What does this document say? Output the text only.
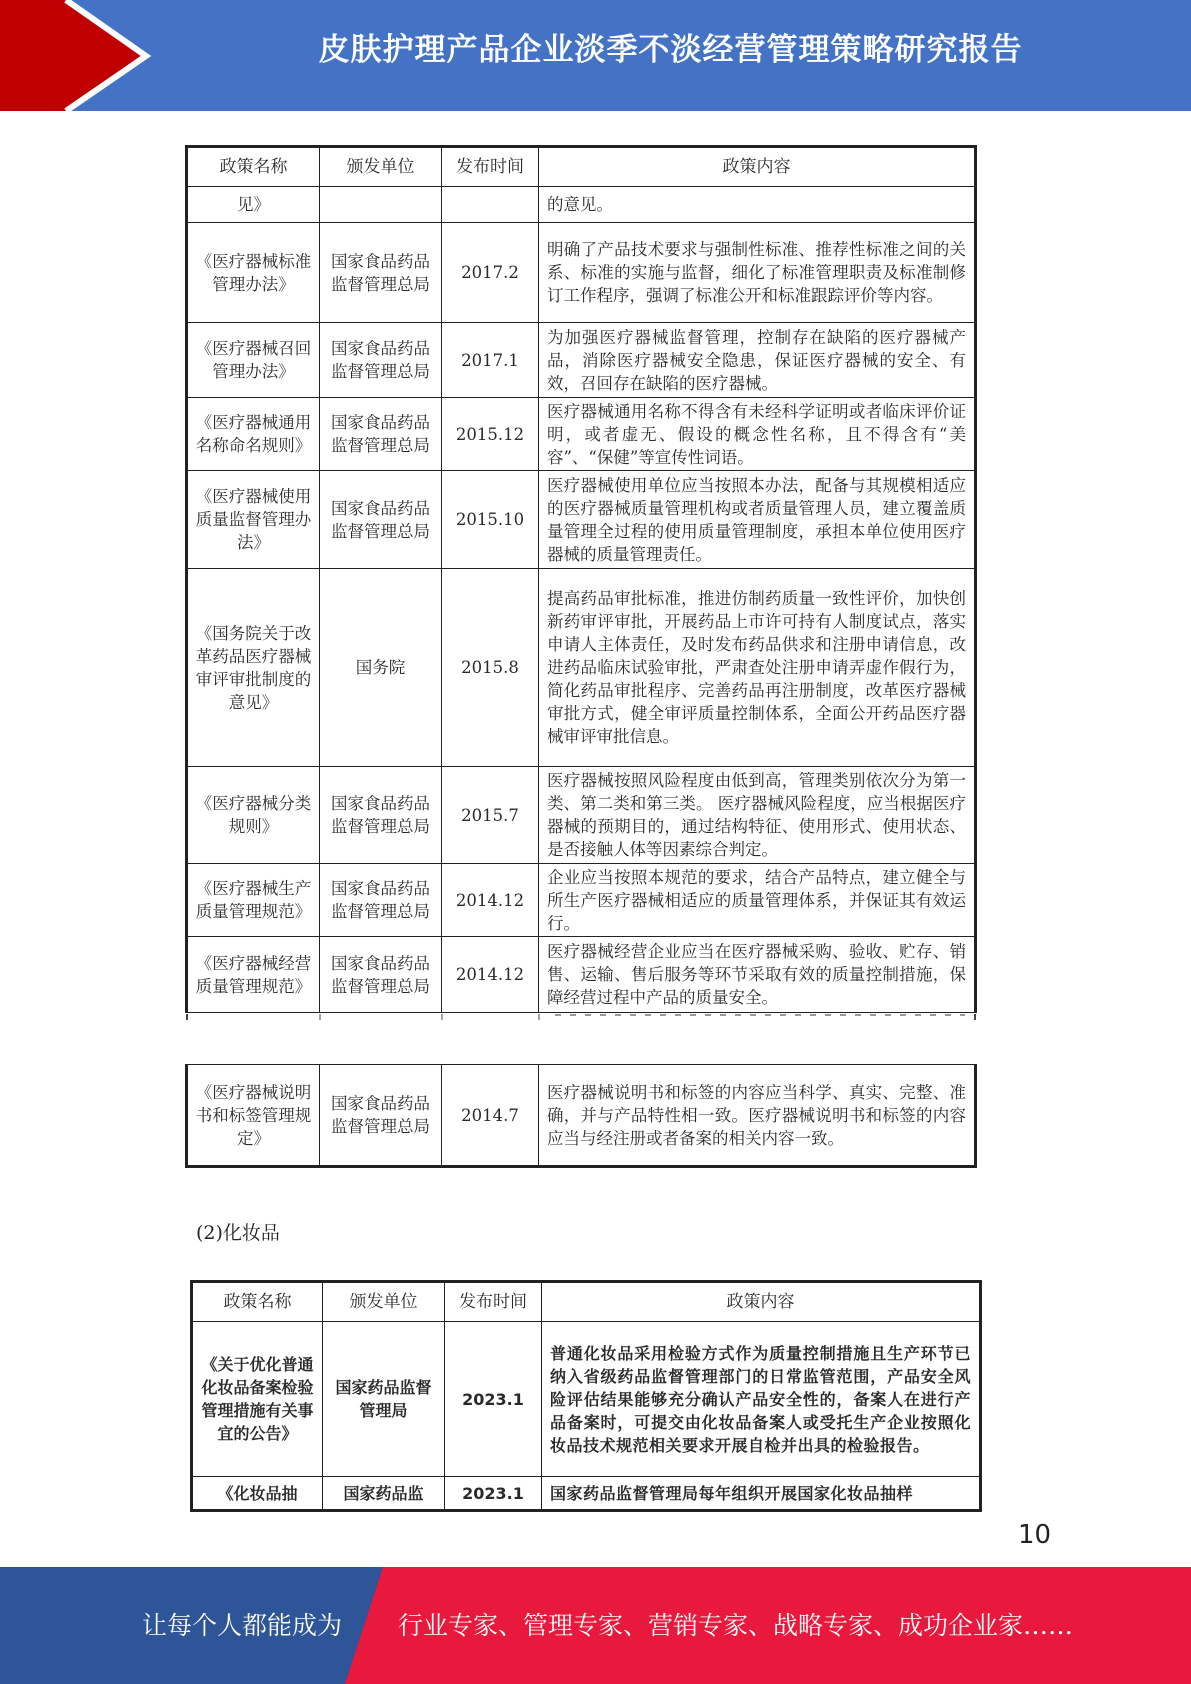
皮肤护理产品企业淡季不淡经营管理策略研究报告
政策名称	颁发单位	发布时间	政策内容
见》			的意见。
《医疗器械标准管理办法》	国家食品药品监督管理总局	2017.2	明确了产品技术要求与强制性标准、推荐性标准之间的关系、标准的实施与监督，细化了标准管理职责及标准制修订工作程序，强调了标准公开和标准跟踪评价等内容。
《医疗器械召回管理办法》	国家食品药品监督管理总局	2017.1	为加强医疗器械监督管理，控制存在缺陷的医疗器械产品，消除医疗器械安全隐患，保证医疗器械的安全、有效，召回存在缺陷的医疗器械。
《医疗器械通用名称命名规则》	国家食品药品监督管理总局	2015.12	医疗器械通用名称不得含有未经科学证明或者临床评价证明，或者虚无、假设的概念性名称，且不得含有“美容”、“保健”等宣传性词语。
《医疗器械使用质量监督管理办法》	国家食品药品监督管理总局	2015.10	医疗器械使用单位应当按照本办法，配备与其规模相适应的医疗器械质量管理机构或者质量管理人员，建立覆盖质量管理全过程的使用质量管理制度，承担本单位使用医疗器械的质量管理责任。
《国务院关于改革药品医疗器械审评审批制度的意见》	国务院	2015.8	提高药品审批标准，推进仿制药质量一致性评价，加快创新药审评审批，开展药品上市许可持有人制度试点，落实申请人主体责任，及时发布药品供求和注册申请信息，改进药品临床试验审批，严肃查处注册申请弄虚作假行为，简化药品审批程序、完善药品再注册制度，改革医疗器械审批方式，健全审评质量控制体系，全面公开药品医疗器械审评审批信息。
《医疗器械分类规则》	国家食品药品监督管理总局	2015.7	医疗器械按照风险程度由低到高，管理类别依次分为第一类、第二类和第三类。 医疗器械风险程度，应当根据医疗器械的预期目的，通过结构特征、使用形式、使用状态、是否接触人体等因素综合判定。
《医疗器械生产质量管理规范》	国家食品药品监督管理总局	2014.12	企业应当按照本规范的要求，结合产品特点，建立健全与所生产医疗器械相适应的质量管理体系，并保证其有效运行。
《医疗器械经营质量管理规范》	国家食品药品监督管理总局	2014.12	医疗器械经营企业应当在医疗器械采购、验收、贮存、销售、运输、售后服务等环节采取有效的质量控制措施，保障经营过程中产品的质量安全。
《医疗器械说明书和标签管理规定》	国家食品药品监督管理总局	2014.7	医疗器械说明书和标签的内容应当科学、真实、完整、准确，并与产品特性相一致。医疗器械说明书和标签的内容应当与经注册或者备案的相关内容一致。
(2)化妆品
政策名称	颁发单位	发布时间	政策内容
《关于优化普通化妆品备案检验管理措施有关事宜的公告》	国家药品监督管理局	2023.1	普通化妆品采用检验方式作为质量控制措施且生产环节已纳入省级药品监督管理部门的日常监管范围，产品安全风险评估结果能够充分确认产品安全性的，备案人在进行产品备案时，可提交由化妆品备案人或受托生产企业按照化妆品技术规范相关要求开展自检并出具的检验报告。
《化妆品抽	国家药品监	2023.1	国家药品监督管理局每年组织开展国家化妆品抽样
10
让每个人都能成为 行业专家、管理专家、营销专家、战略专家、成功企业家……
